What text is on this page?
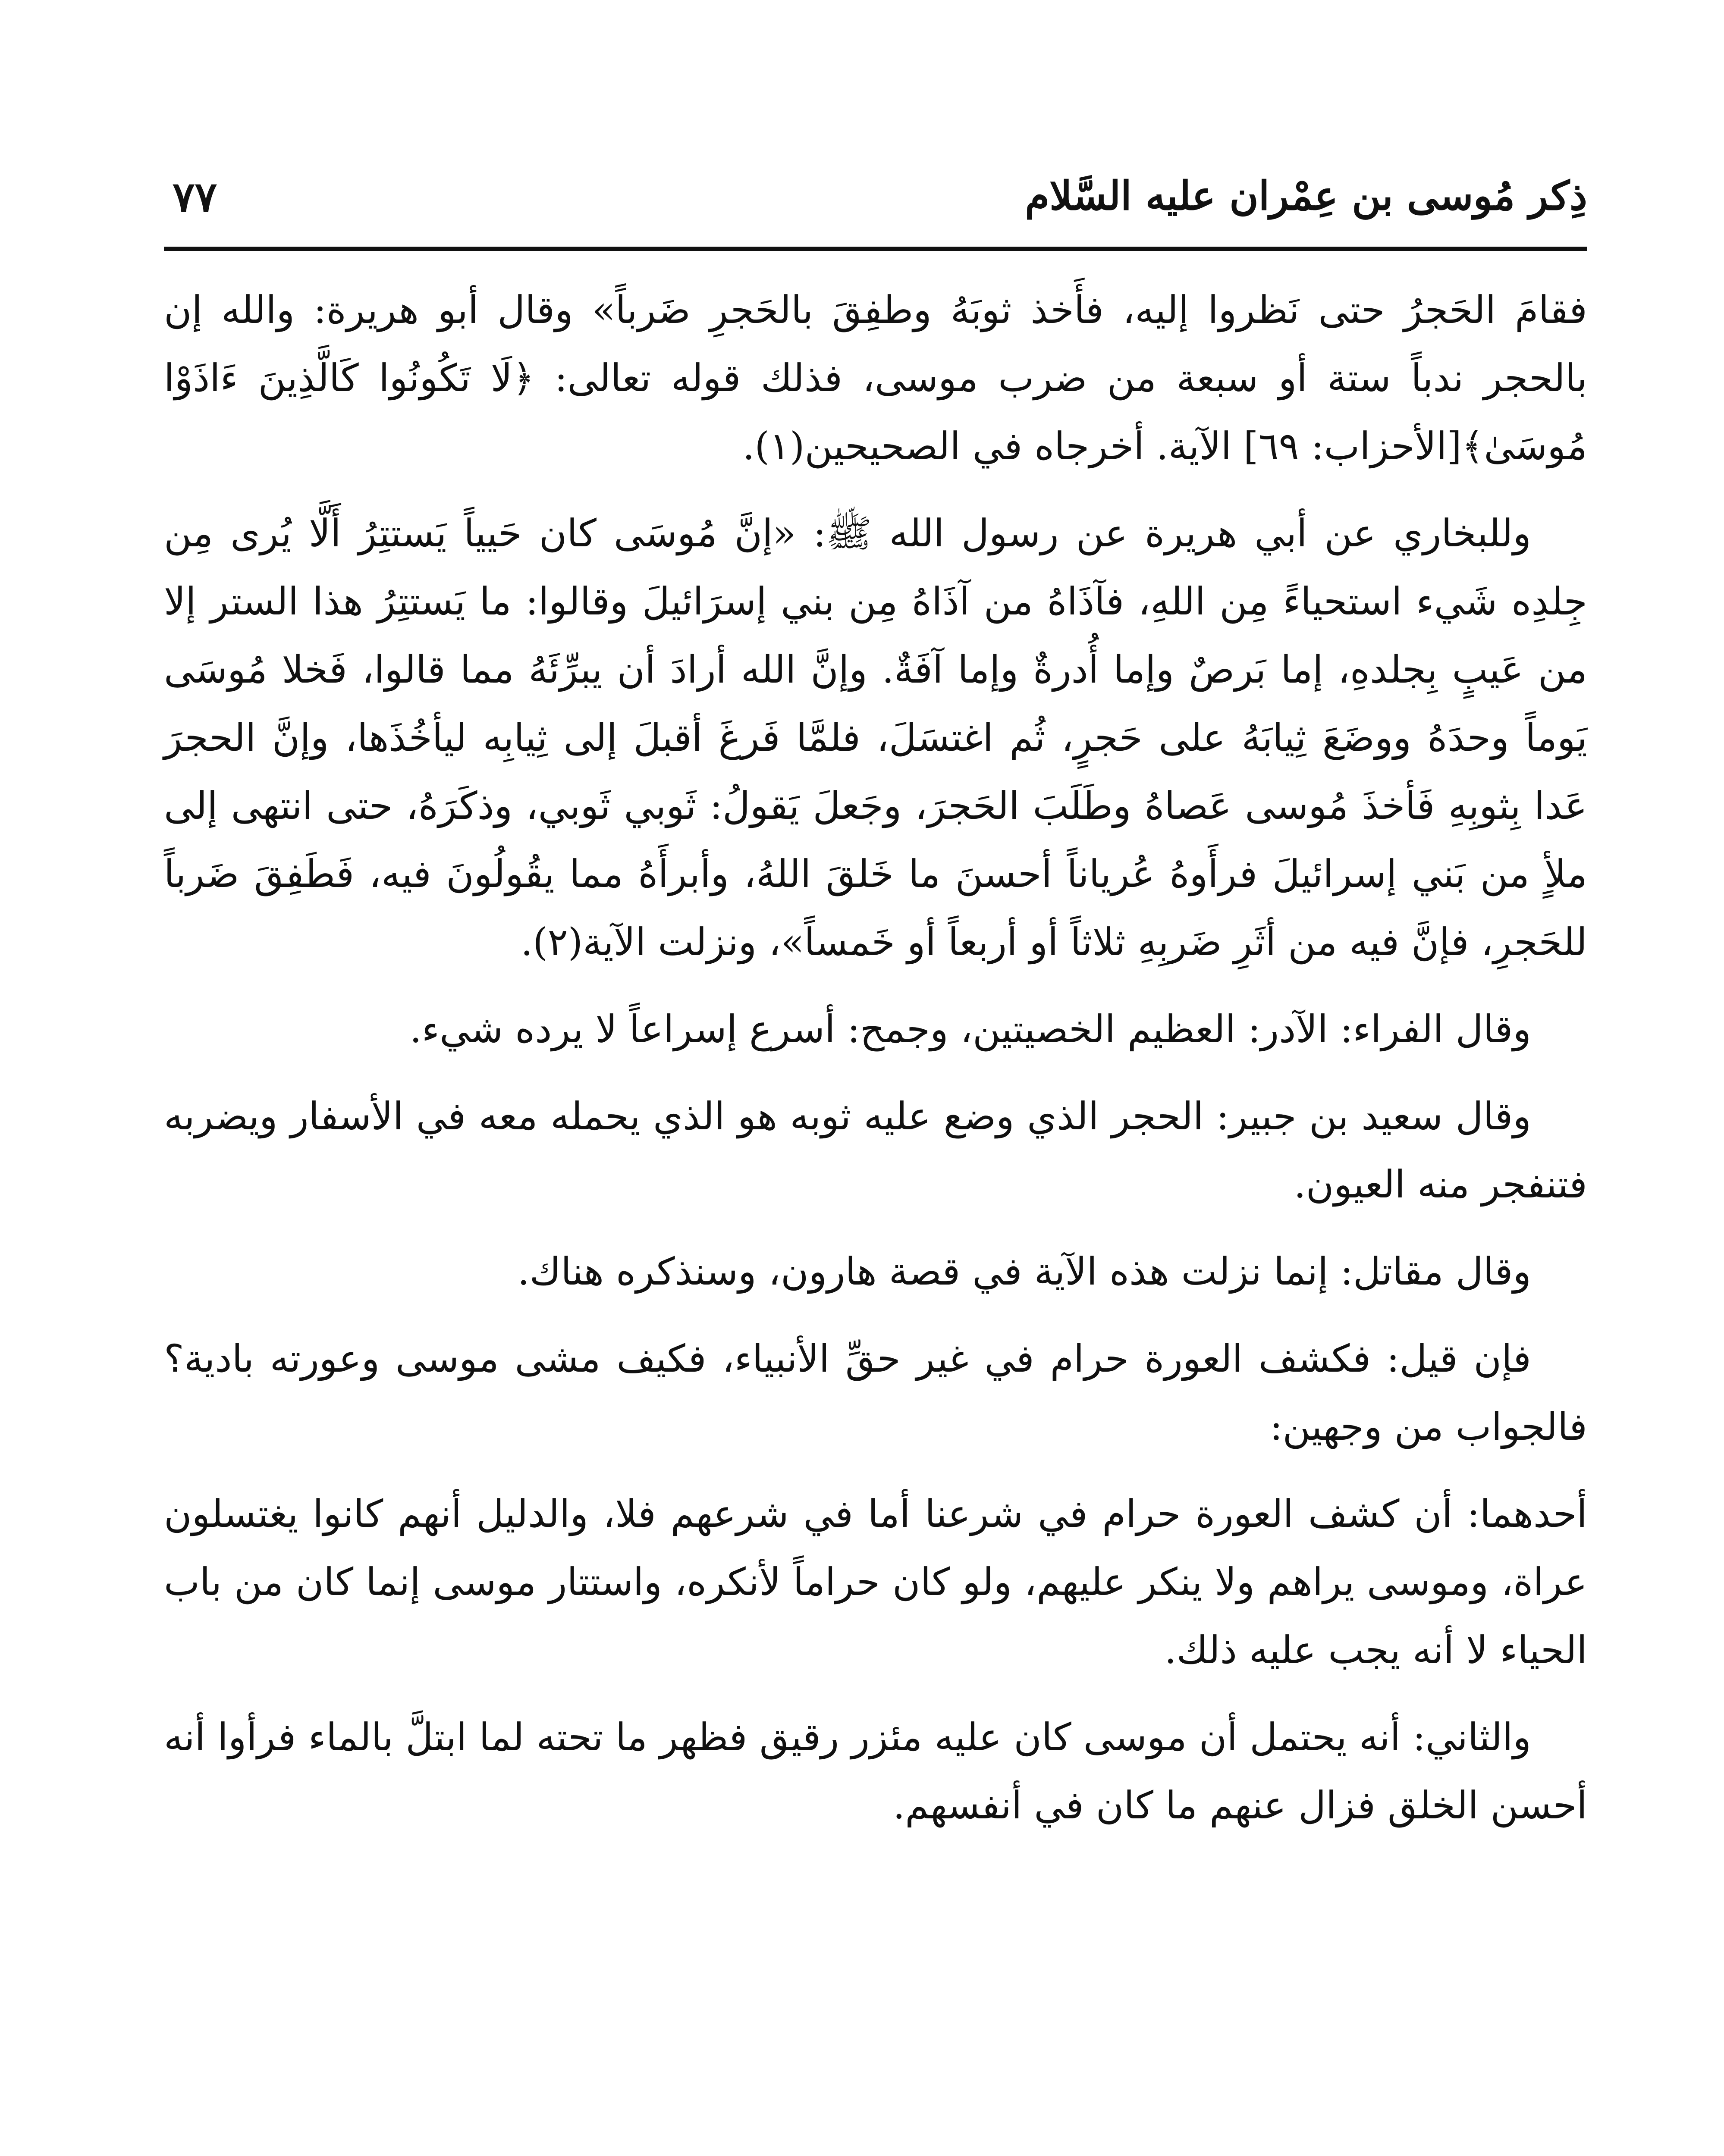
ذِكر مُوسى بن عِمْران عليه السَّلام
٧٧

فقامَ الحَجرُ حتى نَظروا إليه، فأَخذ ثوبَهُ وطفِقَ بالحَجرِ ضَرباً» وقال أبو هريرة: والله إن بالحجر ندباً ستة أو سبعة من ضرب موسى، فذلك قوله تعالى: ﴿لَا تَكُونُوا كَالَّذِينَ ءَاذَوْا مُوسَىٰ﴾[الأحزاب: ٦٩] الآية. أخرجاه في الصحيحين(١).

وللبخاري عن أبي هريرة عن رسول الله ﷺ: «إنَّ مُوسَى كان حَيياً يَستتِرُ أَلَّا يُرى مِن جِلدِه شَيء استحياءً مِن اللهِ، فآذَاهُ من آذَاهُ مِن بني إسرَائيلَ وقالوا: ما يَستتِرُ هذا الستر إلا من عَيبٍ بِجلدهِ، إما بَرصٌ وإما أُدرةٌ وإما آفَةٌ. وإنَّ الله أرادَ أن يبرِّئَهُ مما قالوا، فَخلا مُوسَى يَوماً وحدَهُ ووضَعَ ثِيابَهُ على حَجرٍ، ثُم اغتسَلَ، فلمَّا فَرغَ أقبلَ إلى ثِيابِه ليأخُذَها، وإنَّ الحجرَ عَدا بِثوبِهِ فَأخذَ مُوسى عَصاهُ وطَلَبَ الحَجرَ، وجَعلَ يَقولُ: ثَوبي ثَوبي، وذكَرَهُ، حتى انتهى إلى ملأٍ من بَني إسرائيلَ فرأَوهُ عُرياناً أحسنَ ما خَلقَ اللهُ، وأبرأَهُ مما يقُولُونَ فيه، فَطَفِقَ ضَرباً للحَجرِ، فإنَّ فيه من أثَرِ ضَربِهِ ثلاثاً أو أربعاً أو خَمساً»، ونزلت الآية(٢).

وقال الفراء: الآدر: العظيم الخصيتين، وجمح: أسرع إسراعاً لا يرده شيء.

وقال سعيد بن جبير: الحجر الذي وضع عليه ثوبه هو الذي يحمله معه في الأسفار ويضربه فتنفجر منه العيون.

وقال مقاتل: إنما نزلت هذه الآية في قصة هارون، وسنذكره هناك.

فإن قيل: فكشف العورة حرام في غير حقِّ الأنبياء، فكيف مشى موسى وعورته بادية؟ فالجواب من وجهين:

أحدهما: أن كشف العورة حرام في شرعنا أما في شرعهم فلا، والدليل أنهم كانوا يغتسلون عراة، وموسى يراهم ولا ينكر عليهم، ولو كان حراماً لأنكره، واستتار موسى إنما كان من باب الحياء لا أنه يجب عليه ذلك.

والثاني: أنه يحتمل أن موسى كان عليه مئزر رقيق فظهر ما تحته لما ابتلَّ بالماء فرأوا أنه أحسن الخلق فزال عنهم ما كان في أنفسهم.
